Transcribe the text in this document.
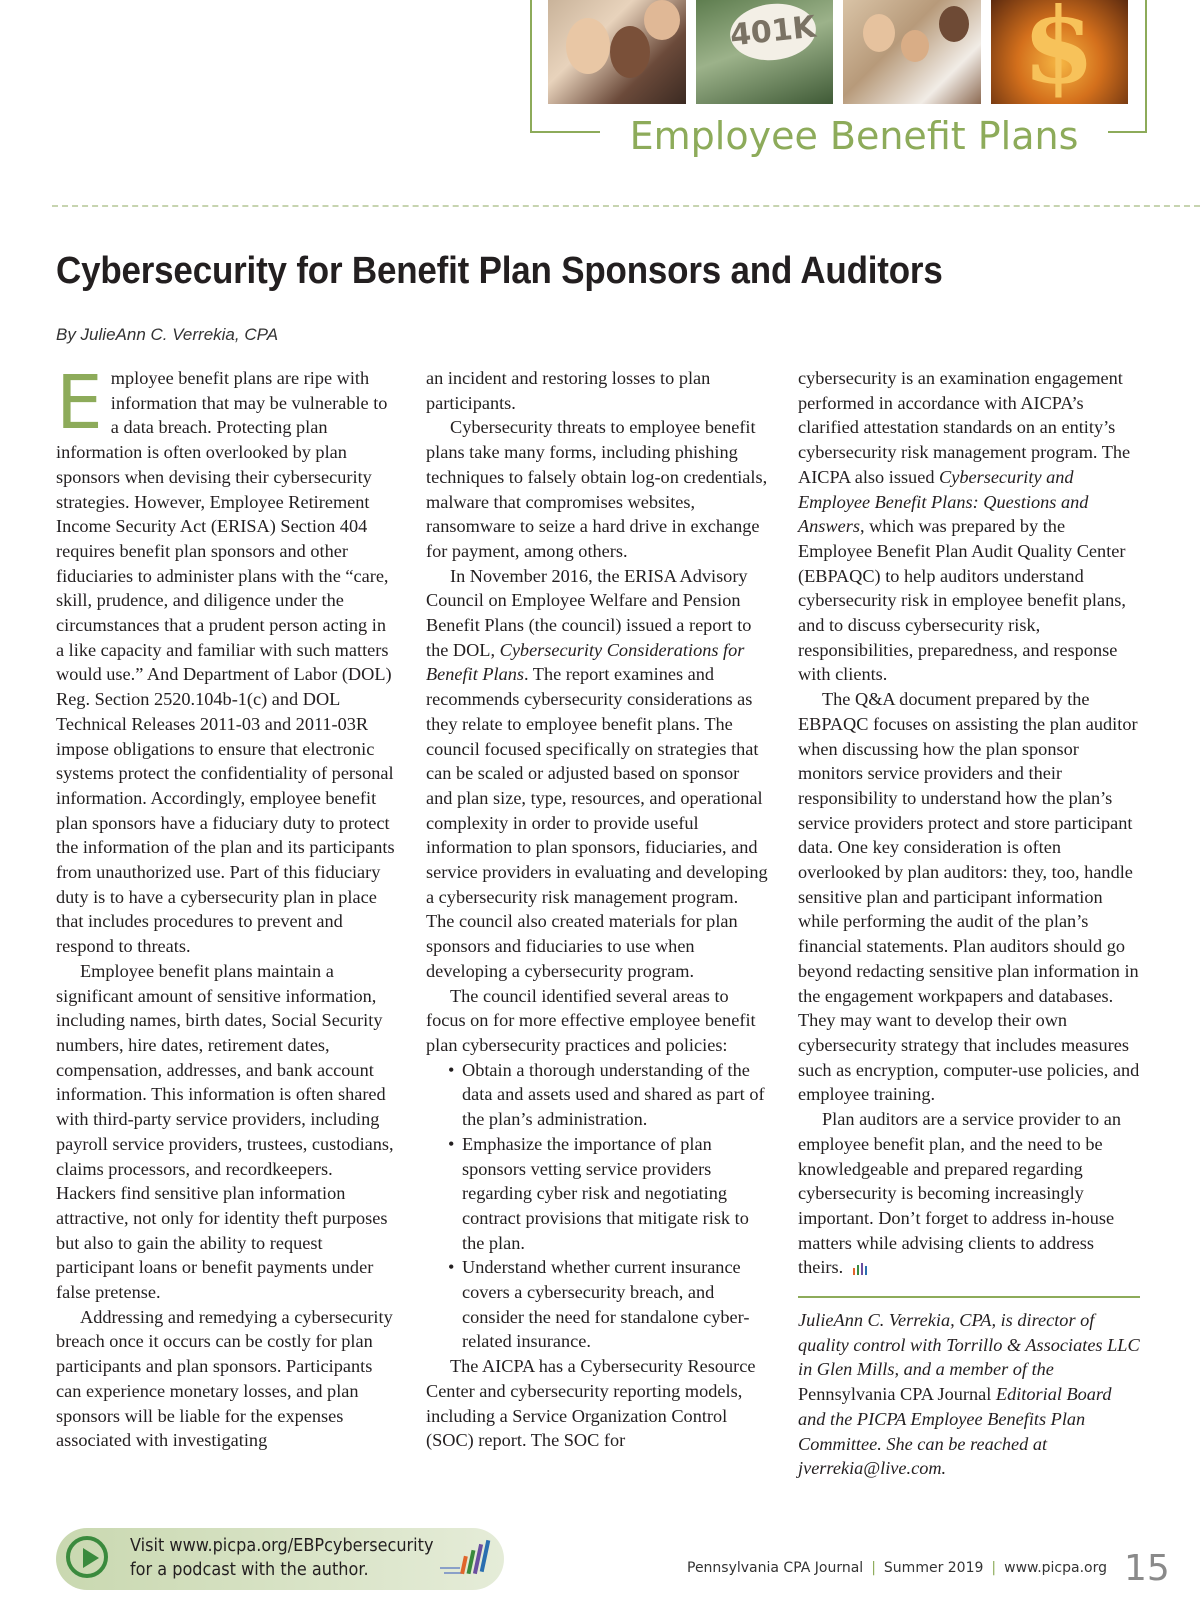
401K $
Employee Benefit Plans
Cybersecurity for Benefit Plan Sponsors and Auditors
By JulieAnn C. Verrekia, CPA

Employee benefit plans are ripe with information that may be vulnerable to a data breach. Protecting plan information is often overlooked by plan sponsors when devising their cybersecurity strategies. However, Employee Retirement Income Security Act (ERISA) Section 404 requires benefit plan sponsors and other fiduciaries to administer plans with the “care, skill, prudence, and diligence under the circumstances that a prudent person acting in a like capacity and familiar with such matters would use.” And Department of Labor (DOL) Reg. Section 2520.104b-1(c) and DOL Technical Releases 2011-03 and 2011-03R impose obligations to ensure that electronic systems protect the confidentiality of personal information. Accordingly, employee benefit plan sponsors have a fiduciary duty to protect the information of the plan and its participants from unauthorized use. Part of this fiduciary duty is to have a cybersecurity plan in place that includes procedures to prevent and respond to threats.

Employee benefit plans maintain a significant amount of sensitive information, including names, birth dates, Social Security numbers, hire dates, retirement dates, compensation, addresses, and bank account information. This information is often shared with third-party service providers, including payroll service providers, trustees, custodians, claims processors, and recordkeepers. Hackers find sensitive plan information attractive, not only for identity theft purposes but also to gain the ability to request participant loans or benefit payments under false pretense.

Addressing and remedying a cybersecurity breach once it occurs can be costly for plan participants and plan sponsors. Participants can experience monetary losses, and plan sponsors will be liable for the expenses associated with investigating

an incident and restoring losses to plan participants.

Cybersecurity threats to employee benefit plans take many forms, including phishing techniques to falsely obtain log-on credentials, malware that compromises websites, ransomware to seize a hard drive in exchange for payment, among others.

In November 2016, the ERISA Advisory Council on Employee Welfare and Pension Benefit Plans (the council) issued a report to the DOL, Cybersecurity Considerations for Benefit Plans. The report examines and recommends cybersecurity considerations as they relate to employee benefit plans. The council focused specifically on strategies that can be scaled or adjusted based on sponsor and plan size, type, resources, and operational complexity in order to provide useful information to plan sponsors, fiduciaries, and service providers in evaluating and developing a cybersecurity risk management program. The council also created materials for plan sponsors and fiduciaries to use when developing a cybersecurity program.

The council identified several areas to focus on for more effective employee benefit plan cybersecurity practices and policies:

• Obtain a thorough understanding of the data and assets used and shared as part of the plan’s administration.
• Emphasize the importance of plan sponsors vetting service providers regarding cyber risk and negotiating contract provisions that mitigate risk to the plan.
• Understand whether current insurance covers a cybersecurity breach, and consider the need for standalone cyber-related insurance.

The AICPA has a Cybersecurity Resource Center and cybersecurity reporting models, including a Service Organization Control (SOC) report. The SOC for

cybersecurity is an examination engagement performed in accordance with AICPA’s clarified attestation standards on an entity’s cybersecurity risk management program. The AICPA also issued Cybersecurity and Employee Benefit Plans: Questions and Answers, which was prepared by the Employee Benefit Plan Audit Quality Center (EBPAQC) to help auditors understand cybersecurity risk in employee benefit plans, and to discuss cybersecurity risk, responsibilities, preparedness, and response with clients.

The Q&A document prepared by the EBPAQC focuses on assisting the plan auditor when discussing how the plan sponsor monitors service providers and their responsibility to understand how the plan’s service providers protect and store participant data. One key consideration is often overlooked by plan auditors: they, too, handle sensitive plan and participant information while performing the audit of the plan’s financial statements. Plan auditors should go beyond redacting sensitive plan information in the engagement workpapers and databases. They may want to develop their own cybersecurity strategy that includes measures such as encryption, computer-use policies, and employee training.

Plan auditors are a service provider to an employee benefit plan, and the need to be knowledgeable and prepared regarding cybersecurity is becoming increasingly important. Don’t forget to address in-house matters while advising clients to address theirs.

JulieAnn C. Verrekia, CPA, is director of quality control with Torrillo & Associates LLC in Glen Mills, and a member of the Pennsylvania CPA Journal Editorial Board and the PICPA Employee Benefits Plan Committee. She can be reached at jverrekia@live.com.

Visit www.picpa.org/EBPcybersecurity
for a podcast with the author.	Pennsylvania CPA Journal | Summer 2019 | www.picpa.org 15
